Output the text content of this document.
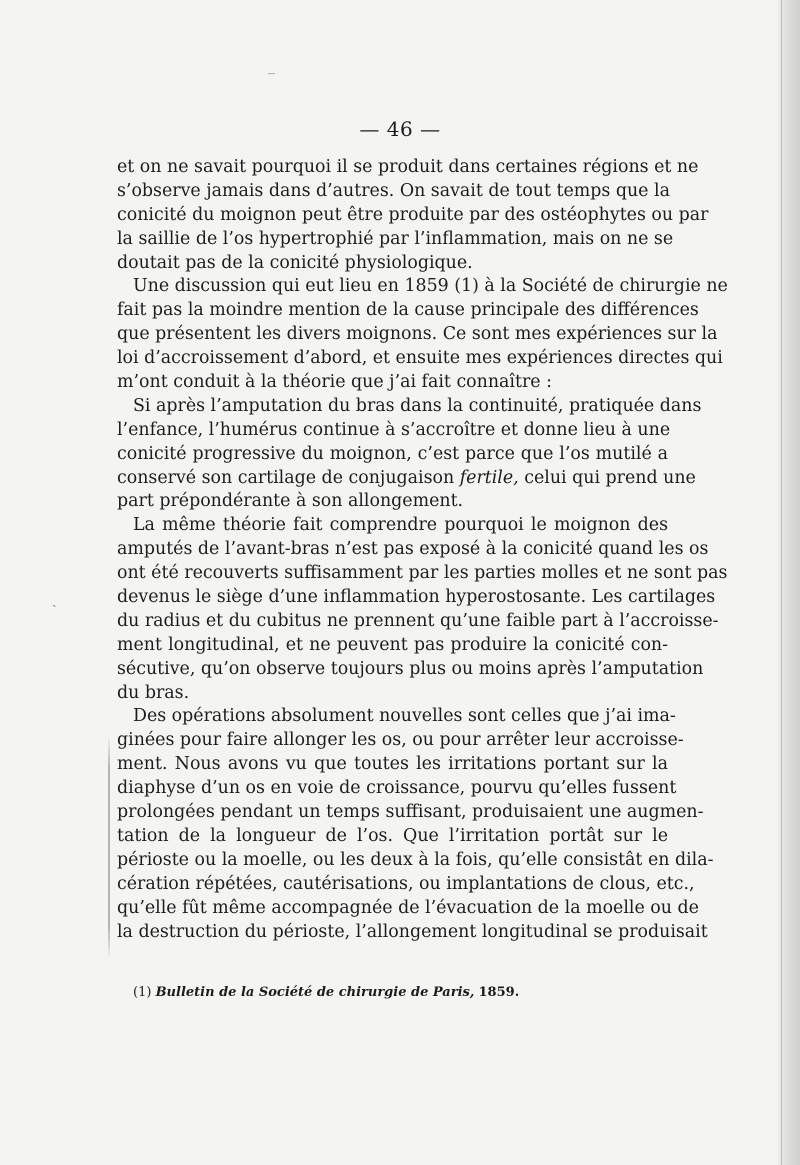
‾
ˎ
— 46 —
et on ne savait pourquoi il se produit dans certaines régions et ne
s’observe jamais dans d’autres. On savait de tout temps que la
conicité du moignon peut être produite par des ostéophytes ou par
la saillie de l’os hypertrophié par l’inflammation, mais on ne se
doutait pas de la conicité physiologique.
Une discussion qui eut lieu en 1859 (1) à la Société de chirurgie ne
fait pas la moindre mention de la cause principale des différences
que présentent les divers moignons. Ce sont mes expériences sur la
loi d’accroissement d’abord, et ensuite mes expériences directes qui
m’ont conduit à la théorie que j’ai fait connaître :
Si après l’amputation du bras dans la continuité, pratiquée dans
l’enfance, l’humérus continue à s’accroître et donne lieu à une
conicité progressive du moignon, c’est parce que l’os mutilé a
conservé son cartilage de conjugaison fertile, celui qui prend une
part prépondérante à son allongement.
La même théorie fait comprendre pourquoi le moignon des
amputés de l’avant-bras n’est pas exposé à la conicité quand les os
ont été recouverts suffisamment par les parties molles et ne sont pas
devenus le siège d’une inflammation hyperostosante. Les cartilages
du radius et du cubitus ne prennent qu’une faible part à l’accroisse-
ment longitudinal, et ne peuvent pas produire la conicité con-
sécutive, qu’on observe toujours plus ou moins après l’amputation
du bras.
Des opérations absolument nouvelles sont celles que j’ai ima-
ginées pour faire allonger les os, ou pour arrêter leur accroisse-
ment. Nous avons vu que toutes les irritations portant sur la
diaphyse d’un os en voie de croissance, pourvu qu’elles fussent
prolongées pendant un temps suffisant, produisaient une augmen-
tation de la longueur de l’os. Que l’irritation portât sur le
périoste ou la moelle, ou les deux à la fois, qu’elle consistât en dila-
cération répétées, cautérisations, ou implantations de clous, etc.,
qu’elle fût même accompagnée de l’évacuation de la moelle ou de
la destruction du périoste, l’allongement longitudinal se produisait
(1) Bulletin de la Société de chirurgie de Paris, 1859.
